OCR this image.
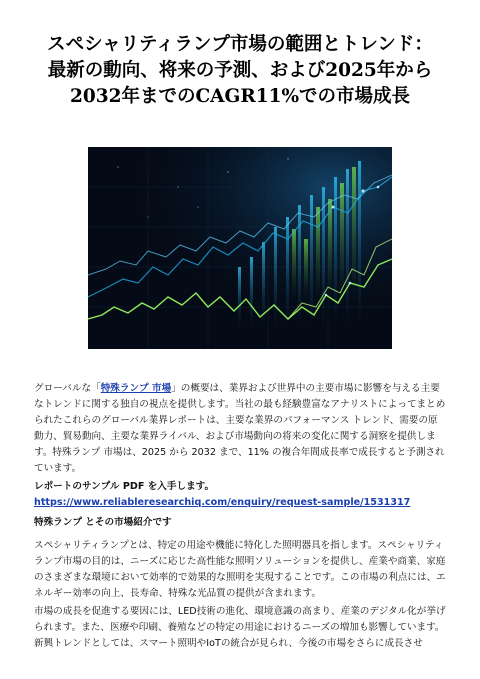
スペシャリティランプ市場の範囲とトレンド：
最新の動向、将来の予測、および2025年から
2032年までのCAGR11%での市場成長

グローバルな「特殊ランプ 市場」の概要は、業界および世界中の主要市場に影響を与える主要なトレンドに関する独自の視点を提供します。当社の最も経験豊富なアナリストによってまとめられたこれらのグローバル業界レポートは、主要な業界のパフォーマンス トレンド、需要の原動力、貿易動向、主要な業界ライバル、および市場動向の将来の変化に関する洞察を提供します。特殊ランプ 市場は、2025 から 2032 まで、11% の複合年間成長率で成長すると予測されています。

レポートのサンプル PDF を入手します。https://www.reliableresearchiq.com/enquiry/request-sample/1531317

特殊ランプ とその市場紹介です

スペシャリティランプとは、特定の用途や機能に特化した照明器具を指します。スペシャリティランプ市場の目的は、ニーズに応じた高性能な照明ソリューションを提供し、産業や商業、家庭のさまざまな環境において効率的で効果的な照明を実現することです。この市場の利点には、エネルギー効率の向上、長寿命、特殊な光品質の提供が含まれます。

市場の成長を促進する要因には、LED技術の進化、環境意識の高まり、産業のデジタル化が挙げられます。また、医療や印刷、養殖などの特定の用途におけるニーズの増加も影響しています。新興トレンドとしては、スマート照明やIoTの統合が見られ、今後の市場をさらに成長させ
